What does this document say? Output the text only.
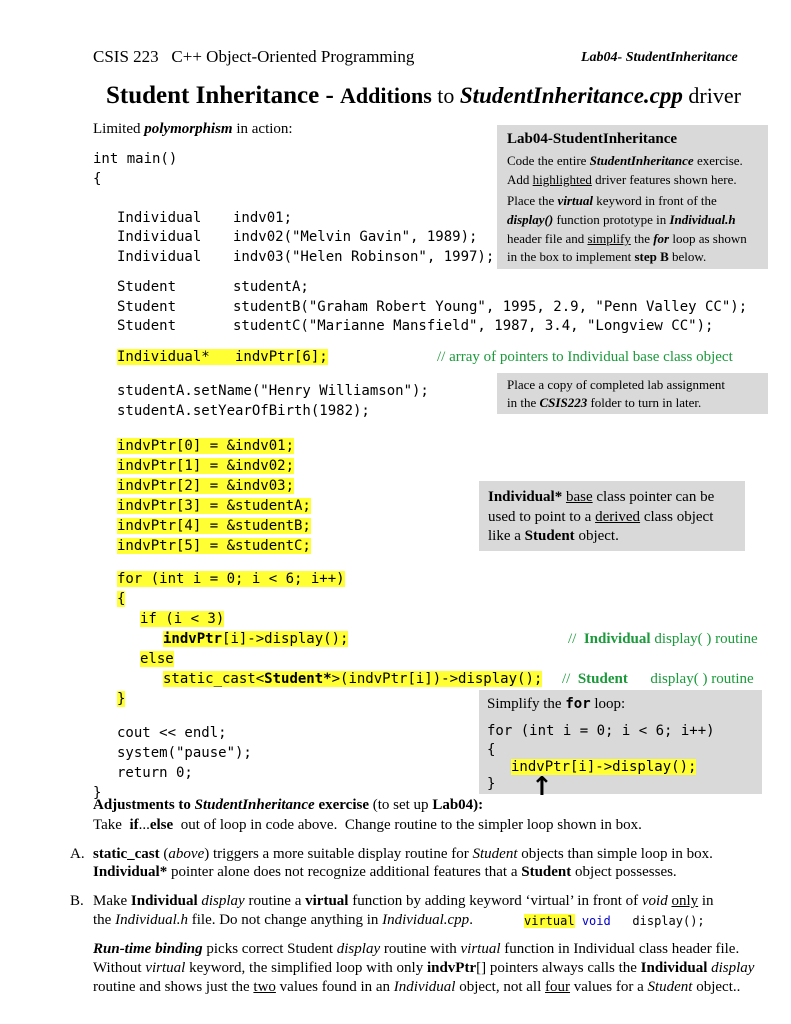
CSIS 223   C++ Object-Oriented Programming	Lab04- StudentInheritance
Student Inheritance - Additions to StudentInheritance.cpp driver
Limited polymorphism in action:
int main()
{
Individual indv01;
Individual indv02("Melvin Gavin", 1989);
Individual indv03("Helen Robinson", 1997);
Student	studentA;
Student	studentB("Graham Robert Young", 1995, 2.9, "Penn Valley CC");
Student	studentC("Marianne Mansfield", 1987, 3.4, "Longview CC");
Individual*   indvPtr[6];	// array of pointers to Individual base class object
studentA.setName("Henry Williamson");
studentA.setYearOfBirth(1982);
indvPtr[0] = &indv01;
indvPtr[1] = &indv02;
indvPtr[2] = &indv03;
indvPtr[3] = &studentA;
indvPtr[4] = &studentB;
indvPtr[5] = &studentC;
for (int i = 0; i < 6; i++)
{
if (i < 3)
indvPtr[i]->display();	//  Individual display( ) routine
else
static_cast<Student*>(indvPtr[i])->display(); //  Student      display( ) routine
}
cout << endl;
system("pause");
return 0;
}
Lab04-StudentInheritance
Code the entire StudentInheritance exercise.
Add highlighted driver features shown here.
Place the virtual keyword in front of the
display() function prototype in Individual.h
header file and simplify the for loop as shown
in the box to implement step B below.
Place a copy of completed lab assignment
in the CSIS223 folder to turn in later.
Individual* base class pointer can be
used to point to a derived class object
like a Student object.
Simplify the for loop:
for (int i = 0; i < 6; i++)
{
indvPtr[i]->display();
} ↑
Adjustments to StudentInheritance exercise (to set up Lab04):
Take  if...else  out of loop in code above.  Change routine to the simpler loop shown in box.
A. static_cast (above) triggers a more suitable display routine for Student objects than simple loop in box.
Individual* pointer alone does not recognize additional features that a Student object possesses.
B. Make Individual display routine a virtual function by adding keyword ‘virtual’ in front of void only in
the Individual.h file. Do not change anything in Individual.cpp.	virtual void display();
Run-time binding picks correct Student display routine with virtual function in Individual class header file.
Without virtual keyword, the simplified loop with only indvPtr[] pointers always calls the Individual display
routine and shows just the two values found in an Individual object, not all four values for a Student object..
